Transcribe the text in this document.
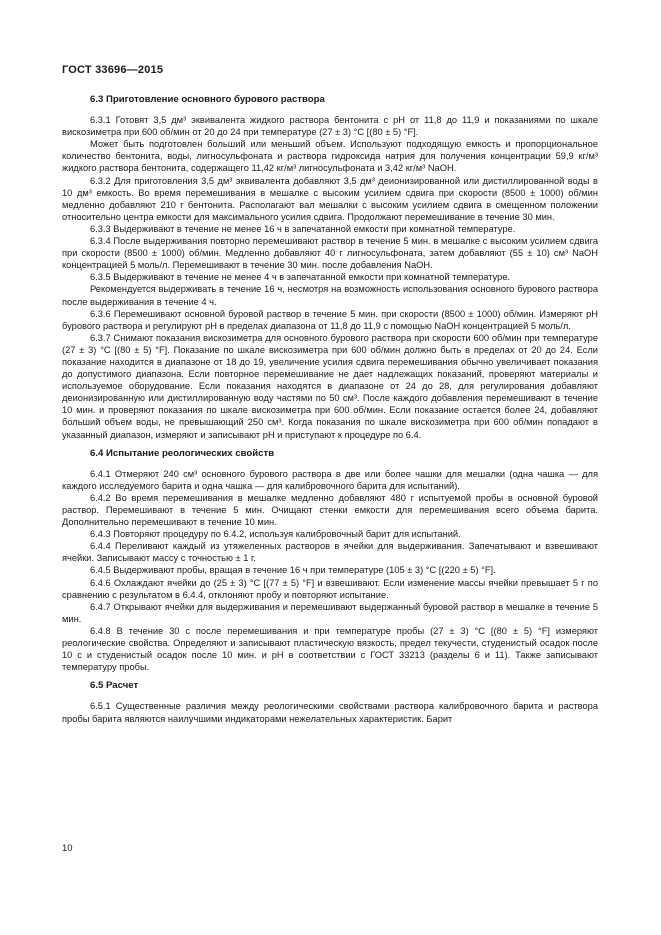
ГОСТ 33696—2015
6.3 Приготовление основного бурового раствора

6.3.1 Готовят 3,5 дм³ эквивалента жидкого раствора бентонита с pH от 11,8 до 11,9 и показаниями по шкале вискозиметра при 600 об/мин от 20 до 24 при температуре (27 ± 3) °С [(80 ± 5) °F].

Может быть подготовлен больший или меньший объем. Используют подходящую емкость и пропорциональное количество бентонита, воды, лигносульфоната и раствора гидроксида натрия для получения концентрации 59,9 кг/м³ жидкого раствора бентонита, содержащего 11,42 кг/м³ лигносульфоната и 3,42 кг/м³ NaOH.

6.3.2 Для приготовления 3,5 дм³ эквивалента добавляют 3,5 дм³ деионизированной или дистиллированной воды в 10 дм³ емкость. Во время перемешивания в мешалке с высоким усилием сдвига при скорости (8500 ± 1000) об/мин медленно добавляют 210 г бентонита. Располагают вал мешалки с высоким усилием сдвига в смещенном положении относительно центра емкости для максимального усилия сдвига. Продолжают перемешивание в течение 30 мин.

6.3.3 Выдерживают в течение не менее 16 ч в запечатанной емкости при комнатной температуре.

6.3.4 После выдерживания повторно перемешивают раствор в течение 5 мин. в мешалке с высоким усилием сдвига при скорости (8500 ± 1000) об/мин. Медленно добавляют 40 г лигносульфоната, затем добавляют (55 ± 10) см³ NaOH концентрацией 5 моль/л. Перемешивают в течение 30 мин. после добавления NaOH.

6.3.5 Выдерживают в течение не менее 4 ч в запечатанной емкости при комнатной температуре.

Рекомендуется выдерживать в течение 16 ч, несмотря на возможность использования основного бурового раствора после выдерживания в течение 4 ч.

6.3.6 Перемешивают основной буровой раствор в течение 5 мин. при скорости (8500 ± 1000) об/мин. Измеряют pH бурового раствора и регулируют pH в пределах диапазона от 11,8 до 11,9 с помощью NaOH концентрацией 5 моль/л.

6.3.7 Снимают показания вискозиметра для основного бурового раствора при скорости 600 об/мин при температуре (27 ± 3) °С [(80 ± 5) °F]. Показание по шкале вискозиметра при 600 об/мин должно быть в пределах от 20 до 24. Если показание находится в диапазоне от 18 до 19, увеличение усилия сдвига перемешивания обычно увеличивает показания до допустимого диапазона. Если повторное перемешивание не дает надлежащих показаний, проверяют материалы и используемое оборудование. Если показания находятся в диапазоне от 24 до 28, для регулирования добавляют деионизированную или дистиллированную воду частями по 50 см³. После каждого добавления перемешивают в течение 10 мин. и проверяют показания по шкале вискозиметра при 600 об/мин. Если показание остается более 24, добавляют больший объем воды, не превышающий 250 см³. Когда показания по шкале вискозиметра при 600 об/мин попадают в указанный диапазон, измеряют и записывают pH и приступают к процедуре по 6.4.

6.4 Испытание реологических свойств

6.4.1 Отмеряют 240 см³ основного бурового раствора в две или более чашки для мешалки (одна чашка — для каждого исследуемого барита и одна чашка — для калибровочного барита для испытаний).

6.4.2 Во время перемешивания в мешалке медленно добавляют 480 г испытуемой пробы в основной буровой раствор. Перемешивают в течение 5 мин. Очищают стенки емкости для перемешивания всего объема барита. Дополнительно перемешивают в течение 10 мин.

6.4.3 Повторяют процедуру по 6.4.2, используя калибровочный барит для испытаний.

6.4.4 Переливают каждый из утяжеленных растворов в ячейки для выдерживания. Запечатывают и взвешивают ячейки. Записывают массу с точностью ± 1 г.

6.4.5 Выдерживают пробы, вращая в течение 16 ч при температуре (105 ± 3) °С [(220 ± 5) °F].

6.4.6 Охлаждают ячейки до (25 ± 3) °С [(77 ± 5) °F] и взвешивают. Если изменение массы ячейки превышает 5 г по сравнению с результатом в 6.4.4, отклоняют пробу и повторяют испытание.

6.4.7 Открывают ячейки для выдерживания и перемешивают выдержанный буровой раствор в мешалке в течение 5 мин.

6.4.8 В течение 30 с после перемешивания и при температуре пробы (27 ± 3) °С [(80 ± 5) °F] измеряют реологические свойства. Определяют и записывают пластическую вязкость, предел текучести, студенистый осадок после 10 с и студенистый осадок после 10 мин. и pH в соответствии с ГОСТ 33213 (разделы 6 и 11). Также записывают температуру пробы.

6.5 Расчет

6.5.1 Существенные различия между реологическими свойствами раствора калибровочного барита и раствора пробы барита являются наилучшими индикаторами нежелательных характеристик. Барит

10
